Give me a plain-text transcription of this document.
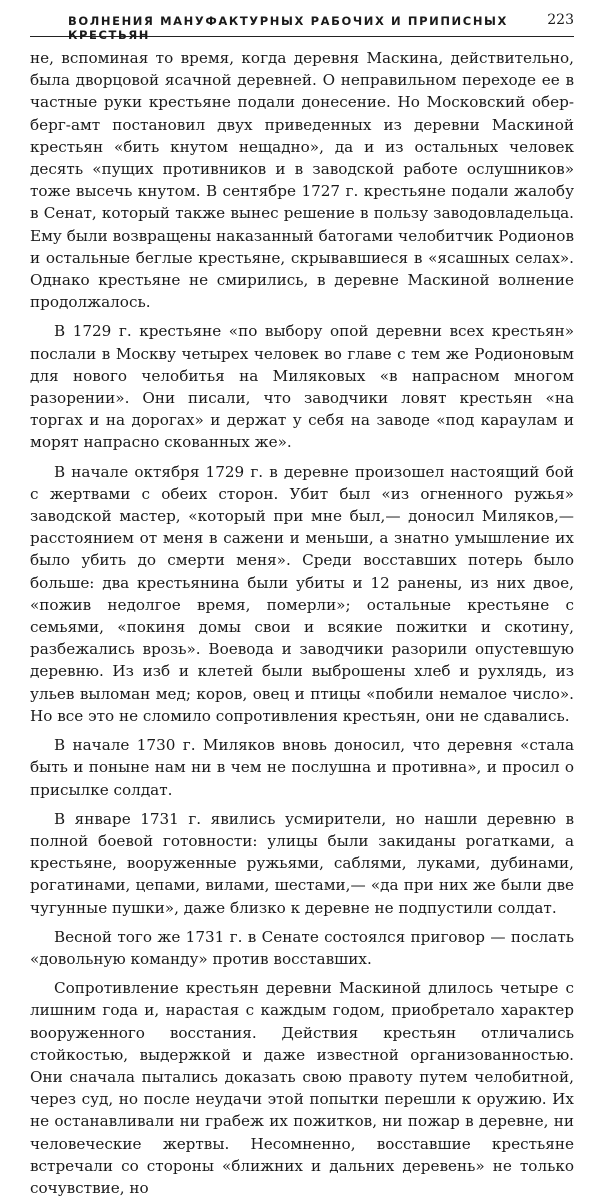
ВОЛНЕНИЯ МАНУФАКТУРНЫХ РАБОЧИХ И ПРИПИСНЫХ КРЕСТЬЯН
223

не, вспоминая то время, когда деревня Маскина, действительно, была дворцовой ясачной деревней. О неправильном переходе ее в частные руки крестьяне подали донесение. Но Московский обер-берг-амт постановил двух приведенных из деревни Маскиной крестьян «бить кнутом нещадно», да и из остальных человек десять «пущих противников и в заводской работе ослушников» тоже высечь кнутом. В сентябре 1727 г. крестьяне подали жалобу в Сенат, который также вынес решение в пользу заводовладельца. Ему были возвращены наказанный батогами челобитчик Родионов и остальные беглые крестьяне, скрывавшиеся в «ясашных селах». Однако крестьяне не смирились, в деревне Маскиной волнение продолжалось.

В 1729 г. крестьяне «по выбору опой деревни всех крестьян» послали в Москву четырех человек во главе с тем же Родионовым для нового челобитья на Миляковых «в напрасном многом разорении». Они писали, что заводчики ловят крестьян «на торгах и на дорогах» и держат у себя на заводе «под караулам и морят напрасно скованных же».

В начале октября 1729 г. в деревне произошел настоящий бой с жертвами с обеих сторон. Убит был «из огненного ружья» заводской мастер, «который при мне был,— доносил Миляков,— расстоянием от меня в сажени и меньши, а знатно умышление их было убить до смерти меня». Среди восставших потерь было больше: два крестьянина были убиты и 12 ранены, из них двое, «пожив недолгое время, померли»; остальные крестьяне с семьями, «покиня домы свои и всякие пожитки и скотину, разбежались врозь». Воевода и заводчики разорили опустевшую деревню. Из изб и клетей были выброшены хлеб и рухлядь, из ульев выломан мед; коров, овец и птицы «побили немалое число». Но все это не сломило сопротивления крестьян, они не сдавались.

В начале 1730 г. Миляков вновь доносил, что деревня «стала быть и поныне нам ни в чем не послушна и противна», и просил о присылке солдат.

В январе 1731 г. явились усмирители, но нашли деревню в полной боевой готовности: улицы были закиданы рогатками, а крестьяне, вооруженные ружьями, саблями, луками, дубинами, рогатинами, цепами, вилами, шестами,— «да при них же были две чугунные пушки», даже близко к деревне не подпустили солдат.

Весной того же 1731 г. в Сенате состоялся приговор — послать «довольную команду» против восставших.

Сопротивление крестьян деревни Маскиной длилось четыре с лишним года и, нарастая с каждым годом, приобретало характер вооруженного восстания. Действия крестьян отличались стойкостью, выдержкой и даже известной организованностью. Они сначала пытались доказать свою правоту путем челобитной, через суд, но после неудачи этой попытки перешли к оружию. Их не останавливали ни грабеж их пожитков, ни пожар в деревне, ни человеческие жертвы. Несомненно, восставшие крестьяне встречали со стороны «ближних и дальних деревень» не только сочувствие, но
